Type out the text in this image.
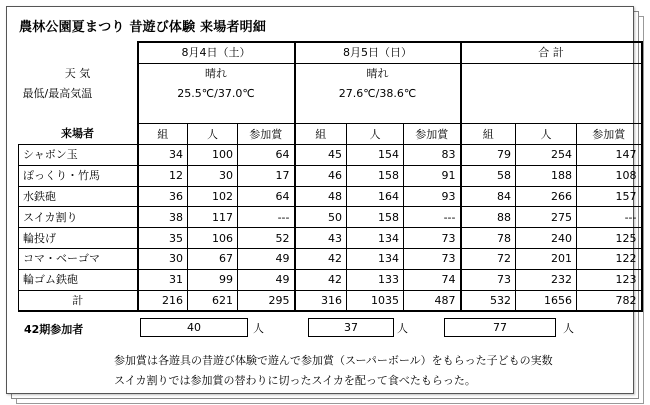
農林公園夏まつり 昔遊び体験 来場者明細
	8月4日（土）			8月5日（日）			合 計		
天 気	晴れ			晴れ					
最低/最高気温	25.5℃/37.0℃			27.6℃/38.6℃					

来場者	組	人	参加賞	組	人	参加賞	組	人	参加賞
シャボン玉	34	100	64	45	154	83	79	254	147
ぽっくり・竹馬	12	30	17	46	158	91	58	188	108
水鉄砲	36	102	64	48	164	93	84	266	157
スイカ割り	38	117	---	50	158	---	88	275	---
輪投げ	35	106	52	43	134	73	78	240	125
コマ・ベーゴマ	30	67	49	42	134	73	72	201	122
輪ゴム鉄砲	31	99	49	42	133	74	73	232	123
計	216	621	295	316	1035	487	532	1656	782
42期参加者	40	人	37	人	77	人
参加賞は各遊具の昔遊び体験で遊んで参加賞（スーパーボール）をもらった子どもの実数
スイカ割りでは参加賞の替わりに切ったスイカを配って食べたもらった。
